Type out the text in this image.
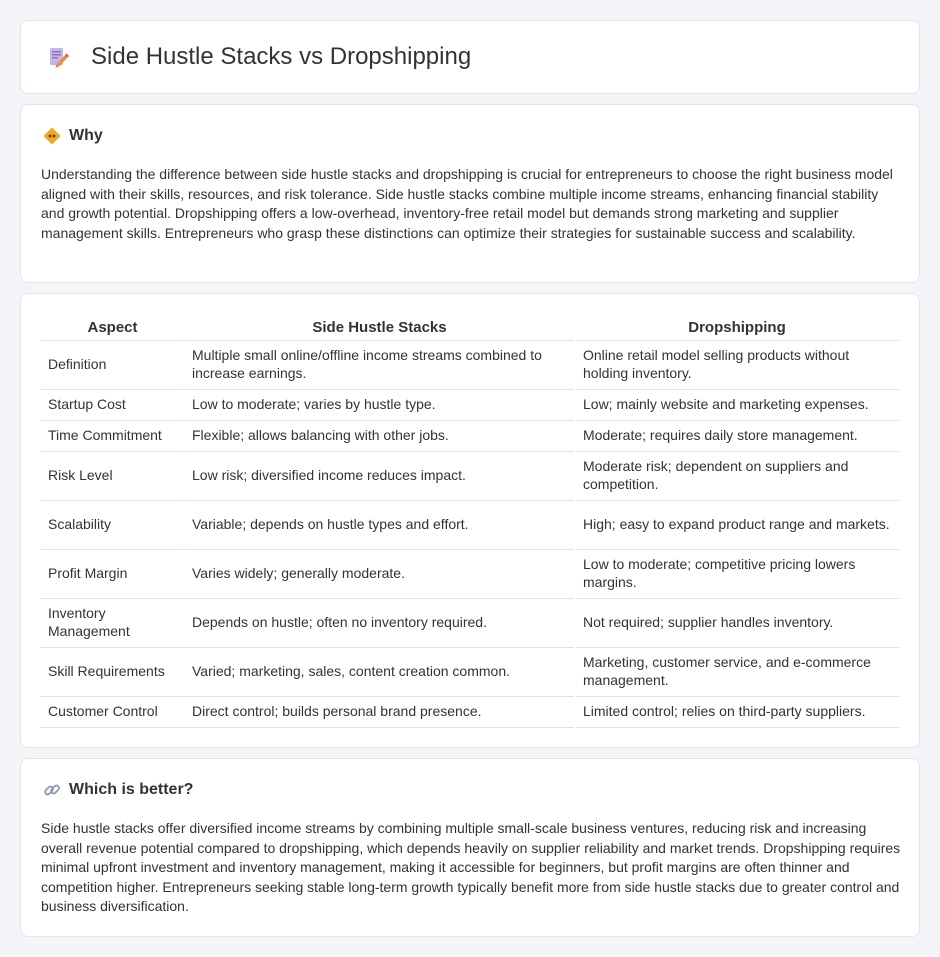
Side Hustle Stacks vs Dropshipping
Why

Understanding the difference between side hustle stacks and dropshipping is crucial for entrepreneurs to choose the right business model aligned with their skills, resources, and risk tolerance. Side hustle stacks combine multiple income streams, enhancing financial stability and growth potential. Dropshipping offers a low-overhead, inventory-free retail model but demands strong marketing and supplier management skills. Entrepreneurs who grasp these distinctions can optimize their strategies for sustainable success and scalability.

Aspect	Side Hustle Stacks	Dropshipping
Definition	Multiple small online/offline income streams combined to increase earnings.	Online retail model selling products without holding inventory.
Startup Cost	Low to moderate; varies by hustle type.	Low; mainly website and marketing expenses.
Time Commitment	Flexible; allows balancing with other jobs.	Moderate; requires daily store management.
Risk Level	Low risk; diversified income reduces impact.	Moderate risk; dependent on suppliers and competition.
Scalability	Variable; depends on hustle types and effort.	High; easy to expand product range and markets.
Profit Margin	Varies widely; generally moderate.	Low to moderate; competitive pricing lowers margins.
Inventory Management	Depends on hustle; often no inventory required.	Not required; supplier handles inventory.
Skill Requirements	Varied; marketing, sales, content creation common.	Marketing, customer service, and e-commerce management.
Customer Control	Direct control; builds personal brand presence.	Limited control; relies on third-party suppliers.
Which is better?

Side hustle stacks offer diversified income streams by combining multiple small-scale business ventures, reducing risk and increasing overall revenue potential compared to dropshipping, which depends heavily on supplier reliability and market trends. Dropshipping requires minimal upfront investment and inventory management, making it accessible for beginners, but profit margins are often thinner and competition higher. Entrepreneurs seeking stable long-term growth typically benefit more from side hustle stacks due to greater control and business diversification.
